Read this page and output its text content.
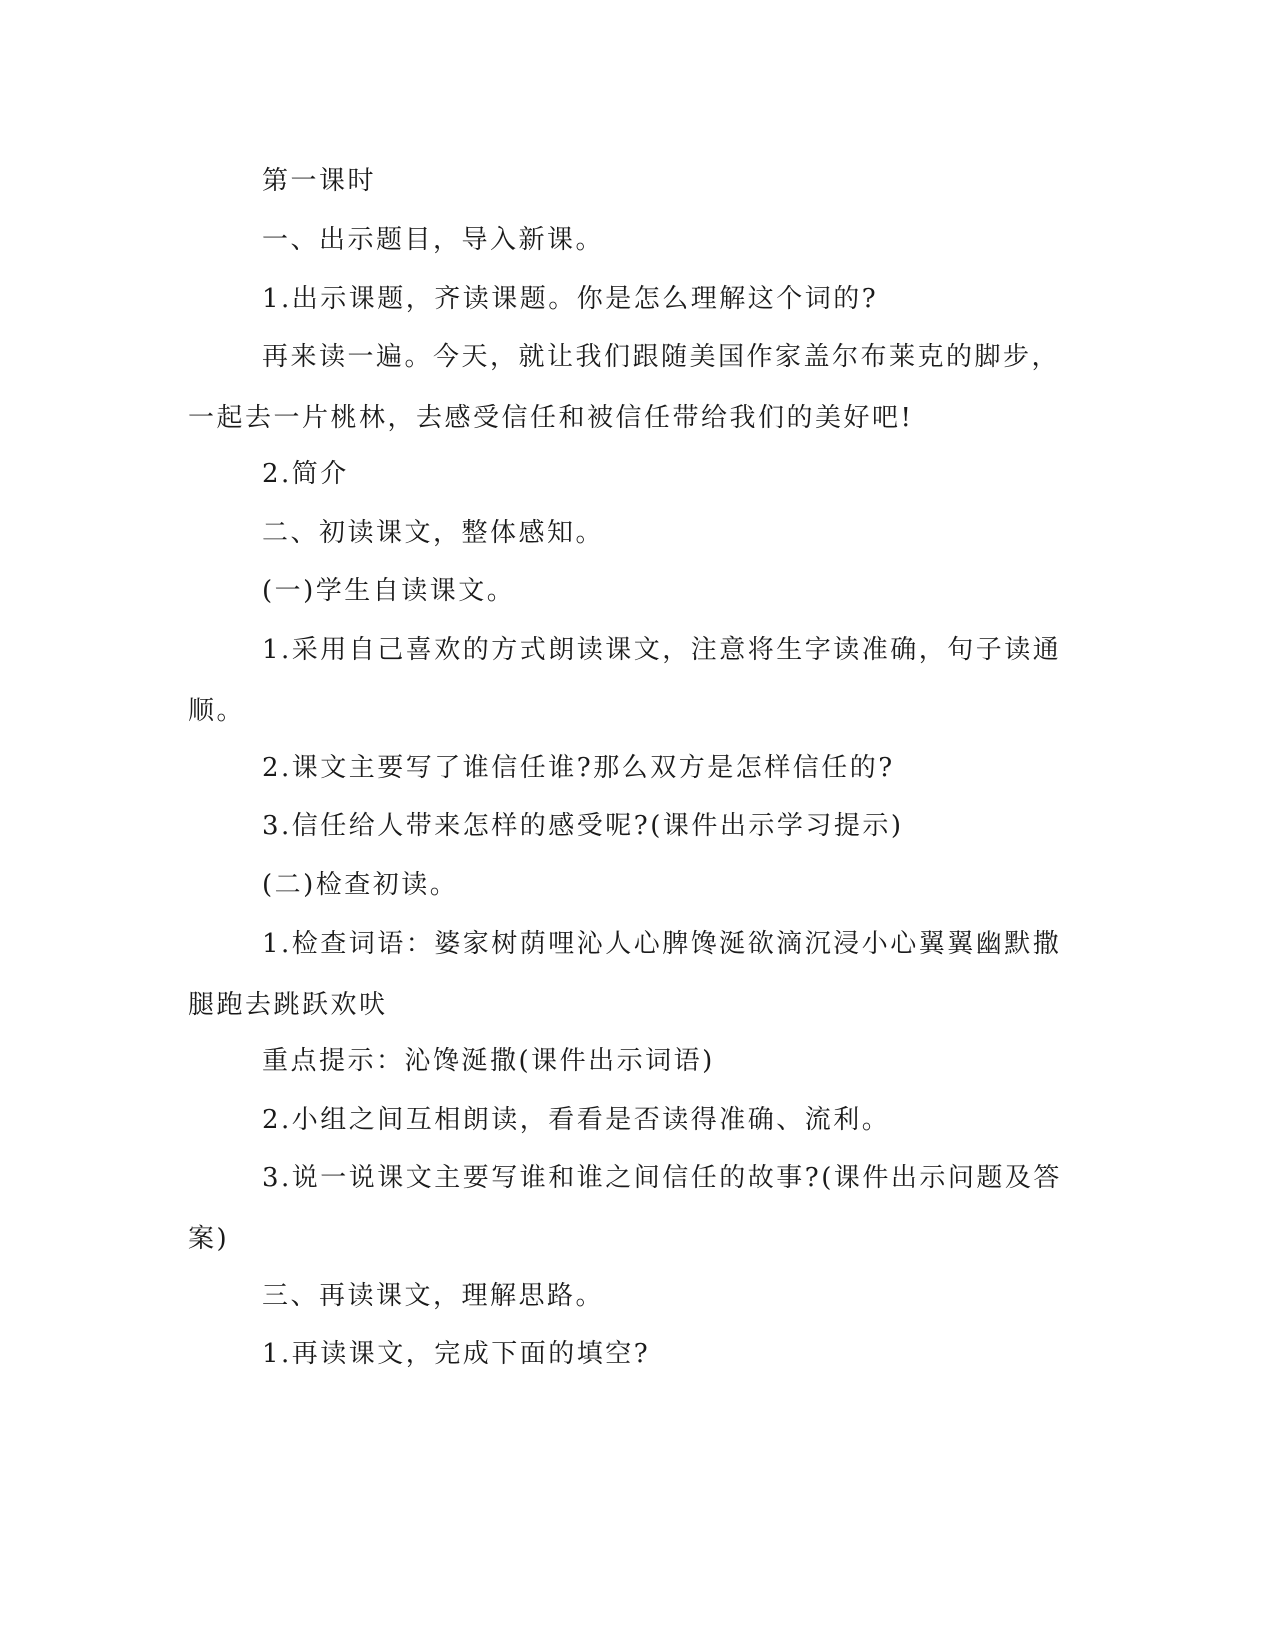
第一课时

一、出示题目，导入新课。

1.出示课题，齐读课题。你是怎么理解这个词的?

再来读一遍。今天，就让我们跟随美国作家盖尔布莱克的脚步，一起去一片桃林，去感受信任和被信任带给我们的美好吧!

2.简介

二、初读课文，整体感知。

(一)学生自读课文。

1.采用自己喜欢的方式朗读课文，注意将生字读准确，句子读通顺。

2.课文主要写了谁信任谁?那么双方是怎样信任的?

3.信任给人带来怎样的感受呢?(课件出示学习提示)

(二)检查初读。

1.检查词语：婆家树荫哩沁人心脾馋涎欲滴沉浸小心翼翼幽默撒腿跑去跳跃欢吠

重点提示：沁馋涎撒(课件出示词语)

2.小组之间互相朗读，看看是否读得准确、流利。

3.说一说课文主要写谁和谁之间信任的故事?(课件出示问题及答案)

三、再读课文，理解思路。

1.再读课文，完成下面的填空?
